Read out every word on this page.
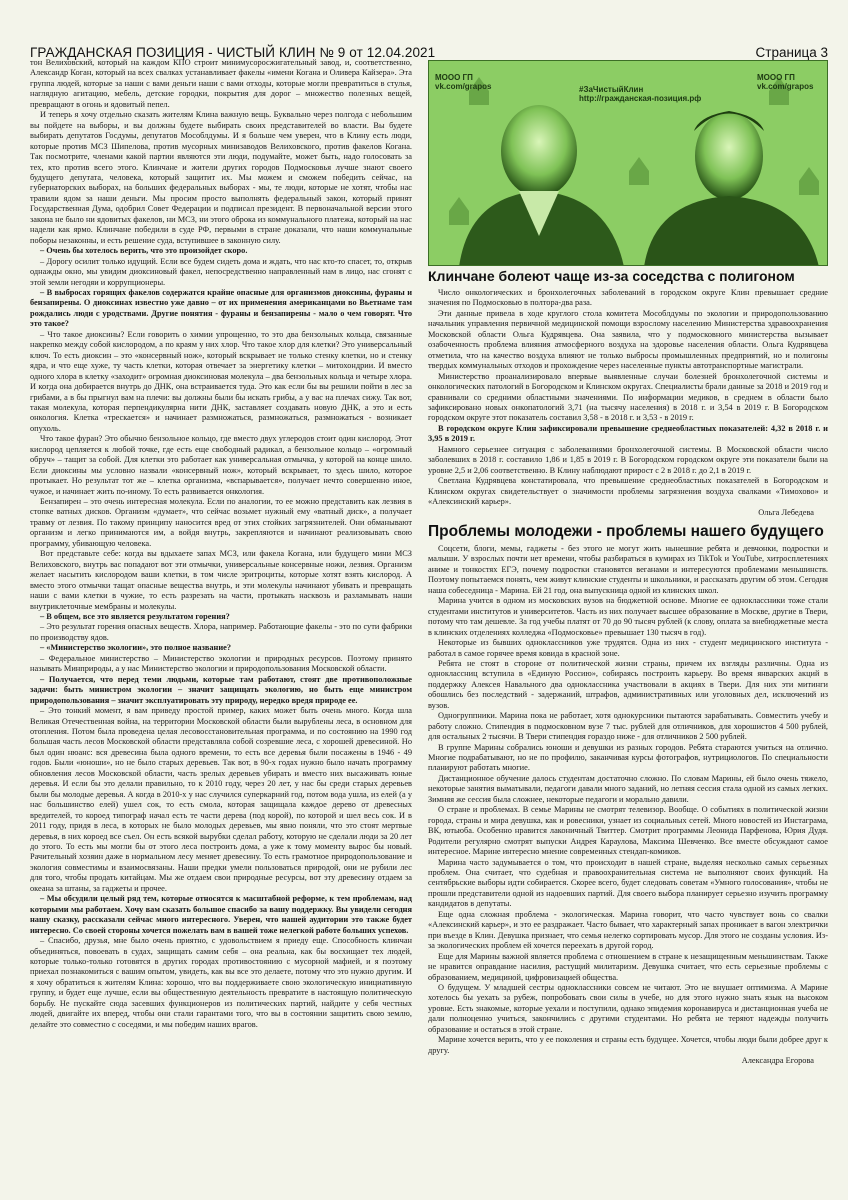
ГРАЖДАНСКАЯ ПОЗИЦИЯ - ЧИСТЫЙ КЛИН № 9 от 12.04.2021	Страница 3

тон Велиховский, который на каждом КПО строит минимусоросжигательный завод, и, соответственно, Александр Коган, который на всех свалках устанавливает факелы «имени Когана и Оливера Кайзера». Эта группа людей, которые за наши с вами деньги наши с вами отходы, которые могли превратиться в стулья, наглядную агитацию, мебель, детские городки, покрытия для дорог – множество полезных вещей, превращают в огонь и ядовитый пепел.

И теперь я хочу отдельно сказать жителям Клина важную вещь. Буквально через полгода с небольшим вы пойдете на выборы, и вы должны будете выбирать своих представителей во власти. Вы будете выбирать депутатов Госдумы, депутатов Мособлдумы. И я больше чем уверен, что в Клину есть люди, которые против МСЗ Шипелова, против мусорных минизаводов Велиховского, против факелов Когана. Так посмотрите, членами какой партии являются эти люди, подумайте, может быть, надо голосовать за тех, кто против всего этого. Клинчане и жители других городов Подмосковья лучше знают своего будущего депутата, человека, который защитит их. Мы можем и сможем победить сейчас, на губернаторских выборах, на больших федеральных выборах - мы, те люди, которые не хотят, чтобы нас травили ядом за наши деньги. Мы просим просто выполнять федеральный закон, который принят Государственная Дума, одобрил Совет Федерации и подписал президент. В первоначальной версии этого закона не было ни ядовитых факелов, ни МСЗ, ни этого оброка из коммунального платежа, который на нас надели как ярмо. Клинчане победили в суде РФ, первыми в стране доказали, что наши коммунальные поборы незаконны, и есть решение суда, вступившее в законную силу.

– Очень бы хотелось верить, что это произойдет скоро.

– Дорогу осилит только идущий. Если все будем сидеть дома и ждать, что нас кто-то спасет, то, открыв однажды окно, мы увидим диоксиновый факел, непосредственно направленный нам в лицо, нас сгонят с этой земли негодяи и коррупционеры.

– В выбросах горящих факелов содержатся крайне опасные для организмов диоксины, фураны и бензапирены. О диоксинах известно уже давно – от их применения американцами во Вьетнаме там рождались люди с уродствами. Другие понятия - фураны и бензапирены - мало о чем говорят. Что это такое?

– Что такое диоксины? Если говорить о химии упрощенно, то это два бензольных кольца, связанные накрепко между собой кислородом, а по краям у них хлор. Что такое хлор для клетки? Это универсальный ключ. То есть диоксин – это «консервный нож», который вскрывает не только стенку клетки, но и стенку ядра, и что еще хуже, ту часть клетки, которая отвечает за энергетику клетки – митохондрии. И вместо одного хлора в клетку «заходит» огромная диоксиновая молекула – два бензольных кольца и четыре хлора. И когда она добирается внутрь до ДНК, она встраивается туда. Это как если бы вы решили пойти в лес за грибами, а в бы прыгнул вам на плечи: вы должны были бы искать грибы, а у вас на плечах сижу. Так вот, такая молекула, которая перпендикулярна нити ДНК, заставляет создавать новую ДНК, а это и есть онкология. Клетка «трескается» и начинает размножаться, размножаться, размножаться - возникает опухоль.

Что такое фуран? Это обычно бензольное кольцо, где вместо двух углеродов стоит один кислород. Этот кислород цепляется к любой точке, где есть еще свободный радикал, а бензольное кольцо – «огромный обруч» – тащит за собой. Для клетки это работает как универсальная отмычка, у которой на конце шило. Если диоксины мы условно назвали «консервный нож», который вскрывает, то здесь шило, которое протыкает. Но результат тот же – клетка организма, «вспарывается», получает нечто совершенно иное, чужое, и начинает жить по-иному. То есть развивается онкология.

Бензапирен – это очень интересная молекула. Если по аналогии, то ее можно представить как лезвия в стопке ватных дисков. Организм «думает», что сейчас возьмет нужный ему «ватный диск», а получает травму от лезвия. По такому принципу наносится вред от этих стойких загрязнителей. Они обманывают организм и легко принимаются им, а войдя внутрь, закрепляются и начинают реализовывать свою программу, убивающую человека.

Вот представьте себе: когда вы вдыхаете запах МСЗ, или факела Когана, или будущего мини МСЗ Велиховского, внутрь вас попадают вот эти отмычки, универсальные консервные ножи, лезвия. Организм желает насытить кислородом ваши клетки, в том числе эритроциты, которые хотят взять кислород. А вместо этого отмычки тащат опасные вещества внутрь, и эти молекулы начинают убивать и превращать наши с вами клетки в чужие, то есть разрезать на части, протыкать насквозь и разламывать наши внутриклеточные мембраны и молекулы.

– В общем, все это является результатом горения?

– Это результат горения опасных веществ. Хлора, например. Работающие факелы - это по сути фабрики по производству ядов.

– «Министерство экологии», это полное название?

– Федеральное министерство – Министерство экологии и природных ресурсов. Поэтому принято называть Минприроды, а у нас Министерство экологии и природопользования Московской области.

– Получается, что перед теми людьми, которые там работают, стоят две противоположные задачи: быть министром экологии – значит защищать экологию, но быть еще министром природопользования – значит эксплуатировать эту природу, нередко вредя природе ее.

– Это тонкий момент, я вам приведу простой пример, каких может быть очень много. Когда шла Великая Отечественная война, на территории Московской области были вырублены леса, в основном для отопления. Потом была проведена целая лесовосстановительная программа, и по состоянию на 1990 год большая часть лесов Московской области представляла собой созревшие леса, с хорошей древесиной. Но был один нюанс: вся древесина была одного времени, то есть все деревья были посажены в 1946 - 49 годов. Были «юноши», но не было старых деревьев. Так вот, в 90-х годах нужно было начать программу обновления лесов Московской области, часть зрелых деревьев убирать и вместо них высаживать юные деревья. И если бы это делали правильно, то к 2010 году, через 20 лет, у нас бы среди старых деревьев были бы молодые деревья. А когда в 2010-х у нас случился суперкарний год, потом вода ушла, из елей (а у нас большинство елей) ушел сок, то есть смола, которая защищала каждое дерево от древесных вредителей, то короед типограф начал есть те части дерева (под корой), по которой и шел весь сок. И в 2011 году, придя в леса, в которых не было молодых деревьев, мы явно поняли, что это стоят мертвые деревья, в них короед все съел. Он есть всякой вырубки сделал работу, которую не сделали люди за 20 лет до этого. То есть мы могли бы от этого леса построить дома, а уже к тому моменту вырос бы новый. Рачительный хозяин даже в нормальном лесу меняет древесину. То есть грамотное природопользование и экология совместимы и взаимосвязаны. Наши предки умели пользоваться природой, они не рубили лес для того, чтобы продать китайцам. Мы же отдаем свои природные ресурсы, вот эту древесину отдаем за океана за штаны, за гаджеты и прочее.

– Мы обсудили целый ряд тем, которые относятся к масштабной реформе, к тем проблемам, над которыми мы работаем. Хочу вам сказать большое спасибо за вашу поддержку. Вы увидели сегодня нашу сказку, рассказали сейчас много интересного. Уверен, что нашей аудитории это также будет интересно. Со своей стороны хочется пожелать вам в вашей тоже нелегкой работе больших успехов.

– Спасибо, друзья, мне было очень приятно, с удовольствием я приеду еще. Способность клинчан объединяться, повоевать в судах, защищать самим себя – она реальна, как бы восхищает тех людей, которые только-только готовятся в других городах противостоянию с мусорной мафией, и я поэтому приехал познакомиться с вашим опытом, увидеть, как вы все это делаете, потому что это нужно другим. И я хочу обратиться к жителям Клина: хорошо, что вы поддерживаете свою экологическую инициативную группу, и будет еще лучше, если вы общественную деятельность превратите в настоящую политическую борьбу. Не пускайте сюда засевших функционеров из политических партий, найдите у себя честных людей, двигайте их вперед, чтобы они стали гарантами того, что вы в состоянии защитить свою землю, делайте это совместно с соседями, и мы победим наших врагов.

МООО ГП
vk.com/grapos	#ЗаЧистыйКлин
http://гражданская-позиция.рф
МООО ГП
vk.com/grapos
Клинчане болеют чаще из-за соседства с полигоном

Число онкологических и бронхолегочных заболеваний в городском округе Клин превышает средние значения по Подмосковью в полтора-два раза.

Эти данные привела в ходе круглого стола комитета Мособлдумы по экологии и природопользованию начальник управления первичной медицинской помощи взрослому населению Министерства здравоохранения Московской области Ольга Кудрявцева. Она заявила, что у подмосковного министерства вызывает озабоченность проблема влияния атмосферного воздуха на здоровье населения области. Ольга Кудрявцева отметила, что на качество воздуха влияют не только выбросы промышленных предприятий, но и полигоны твердых коммунальных отходов и прохождение через населенные пункты автотранспортные магистрали.

Министерство проанализировало впервые выявленные случаи болезней бронхолегочной системы и онкологических патологий в Богородском и Клинском округах. Специалисты брали данные за 2018 и 2019 год и сравнивали со средними областными значениями. По информации медиков, в среднем в области было зафиксировано новых онкопатологий 3,71 (на тысячу населения) в 2018 г. и 3,54 в 2019 г. В Богородском городском округе этот показатель составил 3,58 - в 2018 г. и 3,53 - в 2019 г.

В городском округе Клин зафиксировали превышение среднеобластных показателей: 4,32 в 2018 г. и 3,95 в 2019 г.

Намного серьезнее ситуация с заболеваниями бронхолегочной системы. В Московской области число заболевших в 2018 г. составило 1,86 и 1,85 в 2019 г. В Богородском городском округе эти показатели были на уровне 2,5 и 2,06 соответственно. В Клину наблюдают прирост с 2 в 2018 г. до 2,1 в 2019 г.

Светлана Кудрявцева констатировала, что превышение среднеобластных показателей в Богородском и Клинском округах свидетельствует о значимости проблемы загрязнения воздуха свалками «Тимохово» и «Алексинский карьер».

Ольга Лебедева

Проблемы молодежи - проблемы нашего будущего

Соцсети, блоги, мемы, гаджеты - без этого не могут жить нынешние ребята и девчонки, подростки и малыши. У взрослых почти нет времени, чтобы разбираться в кумирах из TikTok и YouTube, хитросплетениях аниме и тонкостях ЕГЭ, почему подростки становятся веганами и интересуются проблемами меньшинств. Поэтому попытаемся понять, чем живут клинские студенты и школьники, и рассказать другим об этом. Сегодня наша собеседница - Марина. Ей 21 год, она выпускница одной из клинских школ.

Марина учится в одном из московских вузов на бюджетной основе. Многие ее одноклассники тоже стали студентами институтов и университетов. Часть из них получает высшее образование в Москве, другие в Твери, потому что там дешевле. За год учебы платят от 70 до 90 тысяч рублей (к слову, оплата за внебюджетные места в клинских отделениях колледжа «Подмосковье» превышает 130 тысяч в год).

Некоторые из бывших одноклассников уже трудятся. Одна из них - студент медицинского института - работал в самое горячее время ковида в красной зоне.

Ребята не стоят в стороне от политической жизни страны, причем их взгляды различны. Одна из одноклассниц вступила в «Единую Россию», собираясь построить карьеру. Во время январских акций в поддержку Алексея Навального два одноклассника участвовали в акциях в Твери. Для них эти митинги обошлись без последствий - задержаний, штрафов, административных или уголовных дел, исключений из вузов.

Одногруппники. Марина пока не работает, хотя однокурсники пытаются зарабатывать. Совместить учебу и работу сложно. Стипендия в подмосковном вузе 7 тыс. рублей для отличников, для хорошистов 4 500 рублей, для остальных 2 тысячи. В Твери стипендия гораздо ниже - для отличников 2 500 рублей.

В группе Марины собрались юноши и девушки из разных городов. Ребята стараются учиться на отлично. Многие подрабатывают, но не по профилю, заканчивая курсы фотографов, нутрициологов. По специальности планируют работать многие.

Дистанционное обучение далось студентам достаточно сложно. По словам Марины, ей было очень тяжело, некоторые занятия выматывали, педагоги давали много заданий, но летняя сессия стала одной из самых легких. Зимняя же сессия была сложнее, некоторые педагоги и морально давили.

О стране и проблемах. В семье Марины не смотрят телевизор. Вообще. О событиях в политической жизни города, страны и мира девушка, как и ровесники, узнает из социальных сетей. Много новостей из Инстаграма, ВК, ютьюба. Особенно нравится лаконичный Твиттер. Смотрит программы Леонида Парфенова, Юрия Дудя. Родители регулярно смотрят выпуски Андрея Караулова, Максима Шевченко. Все вместе обсуждают самое интересное. Марине интересно мнение современных стендап-комиков.

Марина часто задумывается о том, что происходит в нашей стране, выделяя несколько самых серьезных проблем. Она считает, что судебная и правоохранительная система не выполняют своих функций. На сентябрьские выборы идти собирается. Скорее всего, будет следовать советам «Умного голосования», чтобы не прошли представители одной из надоевших партий. Для своего выбора планирует серьезно изучить программу кандидатов в депутаты.

Еще одна сложная проблема - экологическая. Марина говорит, что часто чувствует вонь со свалки «Алексинский карьер», и это ее раздражает. Часто бывает, что характерный запах проникает в вагон электрички при въезде в Клин. Девушка признает, что семья нелегко сортировать мусор. Для этого не созданы условия. Из-за экологических проблем ей хочется переехать в другой город.

Еще для Марины важной является проблема с отношением в стране к незащищенным меньшинствам. Также не нравится оправдание насилия, растущий милитаризм. Девушка считает, что есть серьезные проблемы с образованием, медициной, цифровизацией общества.

О будущем. У младшей сестры одноклассники совсем не читают. Это не внушает оптимизма. А Марине хотелось бы уехать за рубеж, попробовать свои силы в учебе, но для этого нужно знать язык на высоком уровне. Есть знакомые, которые уехали и поступили, однако эпидемия коронавируса и дистанционная учеба не дали полноценно учиться, закончились с другими студентами. Но ребята не теряют надежды получить образование и остаться в этой стране.

Марине хочется верить, что у ее поколения и страны есть будущее. Хочется, чтобы люди были добрее друг к другу.

Александра Егорова
